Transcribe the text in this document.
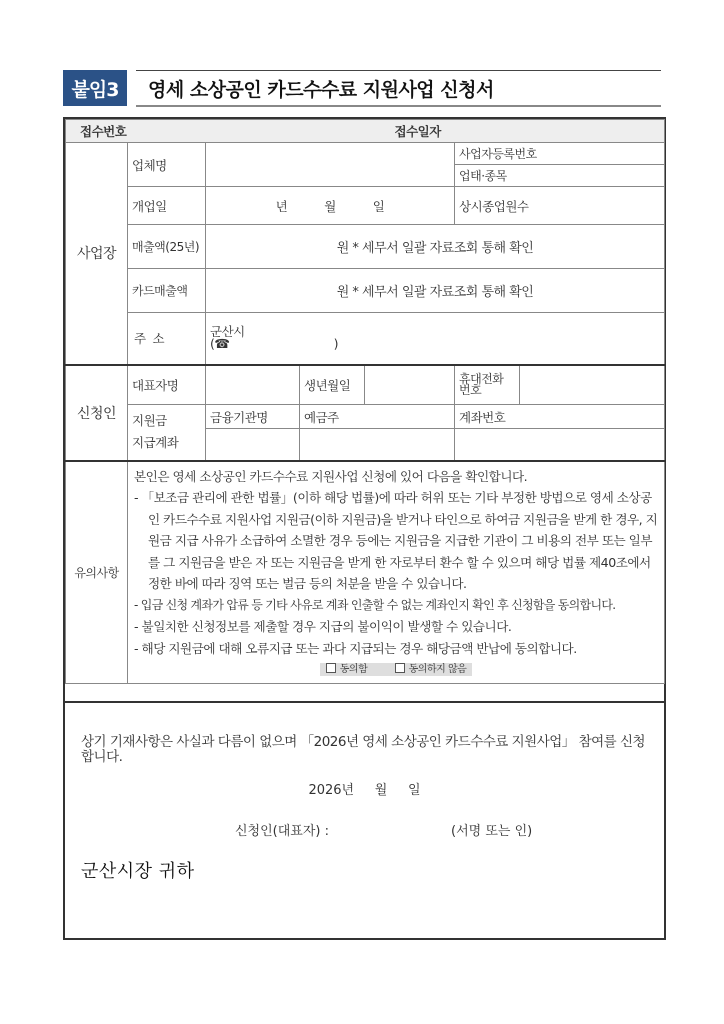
붙임3	영세 소상공인 카드수수료 지원사업 신청서
접수번호			접수일자				
사업장	업체명				사업자등록번호		
					업태·종목		
	개업일	년 월 일			상시종업원수		
	매출액(25년)	원 * 세무서 일괄 자료조회 통해 확인					
	카드매출액	원 * 세무서 일괄 자료조회 통해 확인					
	주  소	군산시
(☎                              )					

신청인	대표자명		생년월일		휴대전화 번호		

	지원금
지급계좌	금융기관명	예금주		계좌번호		

유의사항	
본인은 영세 소상공인 카드수수료 지원사업 신청에 있어 다음을 확인합니다.
- 「보조금 관리에 관한 법률」(이하 해당 법률)에 따라 허위 또는 기타 부정한 방법으로 영세 소상공인 카드수수료 지원사업 지원금(이하 지원금)을 받거나 타인으로 하여금 지원금을 받게 한 경우, 지원금 지급 사유가 소급하여 소멸한 경우 등에는 지원금을 지급한 기관이 그 비용의 전부 또는 일부를 그 지원금을 받은 자 또는 지원금을 받게 한 자로부터 환수 할 수 있으며 해당 법률 제40조에서 정한 바에 따라 징역 또는 벌금 등의 처분을 받을 수 있습니다.
- 입금 신청 계좌가 압류 등 기타 사유로 계좌 인출할 수 없는 계좌인지 확인 후 신청함을 동의합니다.
- 불일치한 신청정보를 제출할 경우 지급의 불이익이 발생할 수 있습니다.
- 해당 지원금에 대해 오류지급 또는 과다 지급되는 경우 해당금액 반납에 동의합니다.
동의함	동의하지 않음
상기 기재사항은 사실과 다름이 없으며 「2026년 영세 소상공인 카드수수료 지원사업」 참여를 신청합니다.
2026년     월     일
신청인(대표자) :	(서명 또는 인)
군산시장 귀하
